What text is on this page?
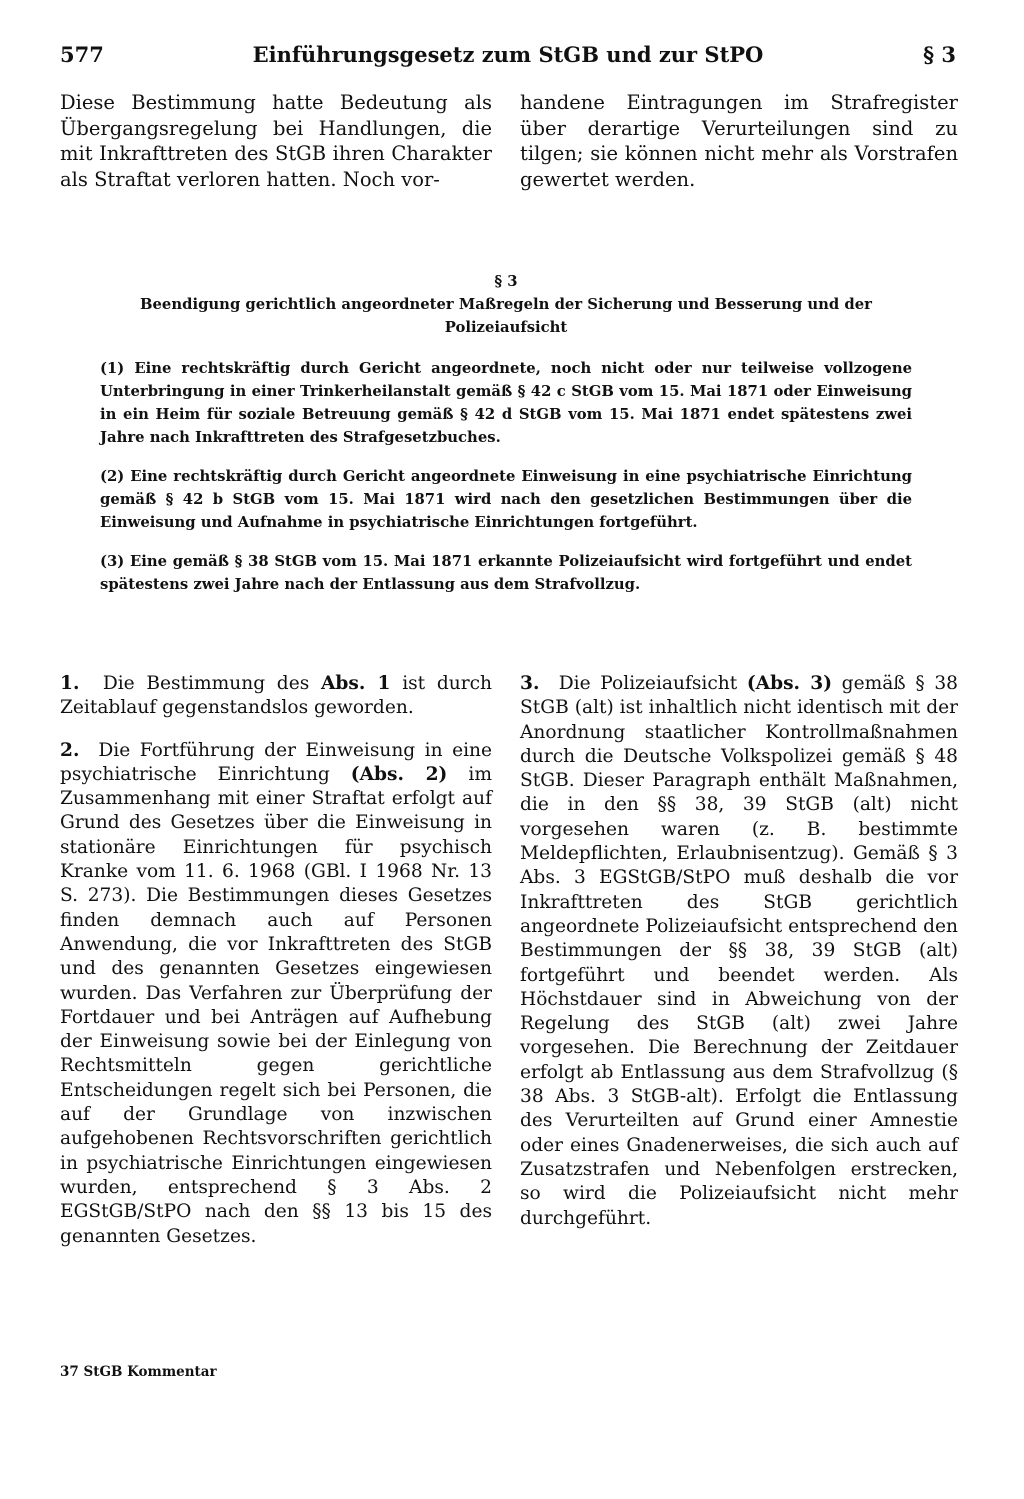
577	Einführungsgesetz zum StGB und zur StPO	§ 3
Diese Bestimmung hatte Bedeutung als Übergangsregelung bei Handlungen, die mit Inkrafttreten des StGB ihren Charakter als Straftat verloren hatten. Noch vor-
handene Eintragungen im Strafregister über derartige Verurteilungen sind zu tilgen; sie können nicht mehr als Vorstrafen gewertet werden.

§ 3

Beendigung gerichtlich angeordneter Maßregeln der Sicherung und Besserung und der Polizeiaufsicht

(1) Eine rechtskräftig durch Gericht angeordnete, noch nicht oder nur teilweise vollzogene Unterbringung in einer Trinkerheilanstalt gemäß § 42 c StGB vom 15. Mai 1871 oder Einweisung in ein Heim für soziale Betreuung gemäß § 42 d StGB vom 15. Mai 1871 endet spätestens zwei Jahre nach Inkrafttreten des Strafgesetzbuches.

(2) Eine rechtskräftig durch Gericht angeordnete Einweisung in eine psychiatrische Einrichtung gemäß § 42 b StGB vom 15. Mai 1871 wird nach den gesetzlichen Bestimmungen über die Einweisung und Aufnahme in psychiatrische Einrichtungen fortgeführt.

(3) Eine gemäß § 38 StGB vom 15. Mai 1871 erkannte Polizeiaufsicht wird fortgeführt und endet spätestens zwei Jahre nach der Entlassung aus dem Strafvollzug.

1. Die Bestimmung des Abs. 1 ist durch Zeitablauf gegenstandslos geworden.

2. Die Fortführung der Einweisung in eine psychiatrische Einrichtung (Abs. 2) im Zusammenhang mit einer Straftat erfolgt auf Grund des Gesetzes über die Einweisung in stationäre Einrichtungen für psychisch Kranke vom 11. 6. 1968 (GBl. I 1968 Nr. 13 S. 273). Die Bestimmungen dieses Gesetzes finden demnach auch auf Personen Anwendung, die vor Inkrafttreten des StGB und des genannten Gesetzes eingewiesen wurden. Das Verfahren zur Überprüfung der Fortdauer und bei Anträgen auf Aufhebung der Einweisung sowie bei der Einlegung von Rechtsmitteln gegen gerichtliche Entscheidungen regelt sich bei Personen, die auf der Grundlage von inzwischen aufgehobenen Rechtsvorschriften gerichtlich in psychiatrische Einrichtungen eingewiesen wurden, entsprechend § 3 Abs. 2 EGStGB/StPO nach den §§ 13 bis 15 des genannten Gesetzes.

3. Die Polizeiaufsicht (Abs. 3) gemäß § 38 StGB (alt) ist inhaltlich nicht identisch mit der Anordnung staatlicher Kontrollmaßnahmen durch die Deutsche Volkspolizei gemäß § 48 StGB. Dieser Paragraph enthält Maßnahmen, die in den §§ 38, 39 StGB (alt) nicht vorgesehen waren (z. B. bestimmte Meldepflichten, Erlaubnisentzug). Gemäß § 3 Abs. 3 EGStGB/StPO muß deshalb die vor Inkrafttreten des StGB gerichtlich angeordnete Polizeiaufsicht entsprechend den Bestimmungen der §§ 38, 39 StGB (alt) fortgeführt und beendet werden. Als Höchstdauer sind in Abweichung von der Regelung des StGB (alt) zwei Jahre vorgesehen. Die Berechnung der Zeitdauer erfolgt ab Entlassung aus dem Strafvollzug (§ 38 Abs. 3 StGB-alt). Erfolgt die Entlassung des Verurteilten auf Grund einer Amnestie oder eines Gnadenerweises, die sich auch auf Zusatzstrafen und Nebenfolgen erstrecken, so wird die Polizeiaufsicht nicht mehr durchgeführt.

37 StGB Kommentar
